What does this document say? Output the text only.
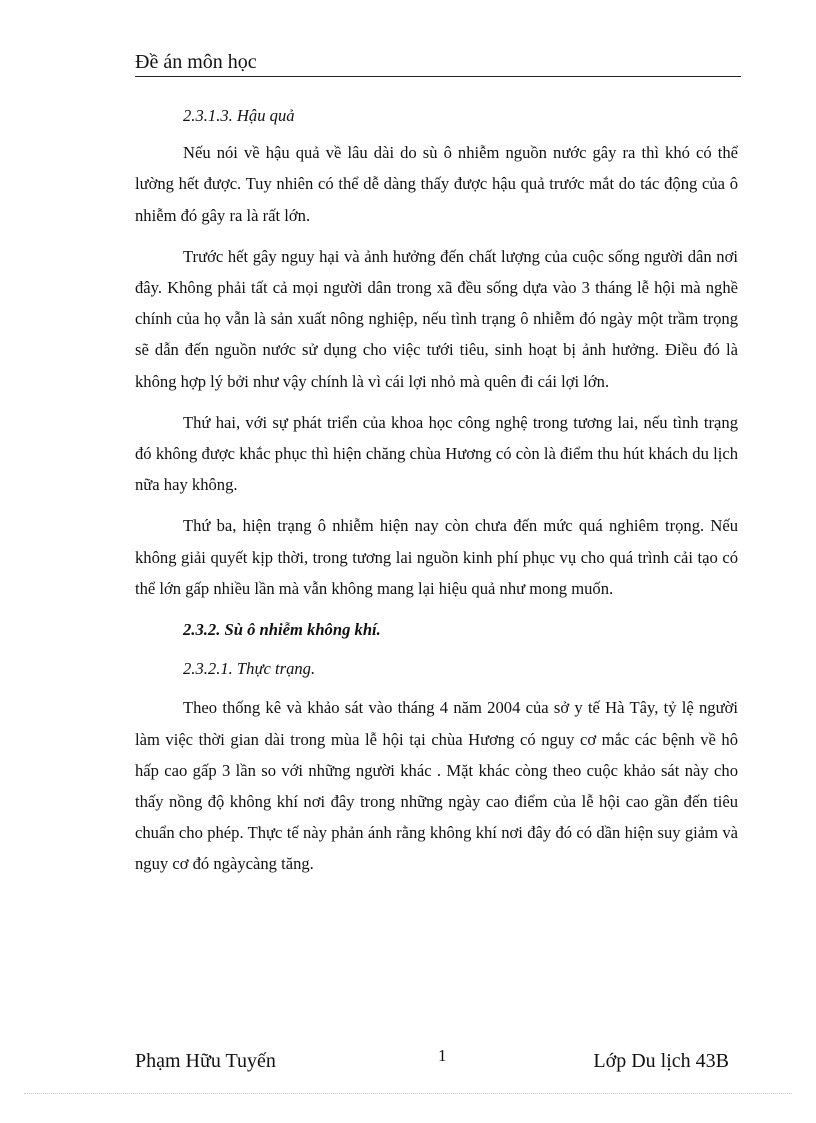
Đề án môn học

2.3.1.3. Hậu quả

Nếu nói về hậu quả về lâu dài do sù ô nhiễm nguồn nước gây ra thì khó có thể lường hết được. Tuy nhiên có thể dễ dàng thấy được hậu quả trước mắt do tác động của ô nhiễm đó gây ra là rất lớn.

Trước hết gây nguy hại và ảnh hưởng đến chất lượng của cuộc sống người dân nơi đây. Không phải tất cả mọi người dân trong xã đều sống dựa vào 3 tháng lễ hội mà nghề chính của họ vẫn là sản xuất nông nghiệp, nếu tình trạng ô nhiễm đó ngày một trầm trọng sẽ dẫn đến nguồn nước sử dụng cho việc tưới tiêu, sinh hoạt bị ảnh hưởng. Điều đó là không hợp lý bởi như vậy chính là vì cái lợi nhỏ mà quên đi cái lợi lớn.

Thứ hai, với sự phát triển của khoa học công nghệ trong tương lai, nếu tình trạng đó không được khắc phục thì hiện chăng chùa Hương có còn là điểm thu hút khách du lịch nữa hay không.

Thứ ba, hiện trạng ô nhiễm hiện nay còn chưa đến mức quá nghiêm trọng. Nếu không giải quyết kịp thời, trong tương lai nguồn kinh phí phục vụ cho quá trình cải tạo có thể lớn gấp nhiều lần mà vẫn không mang lại hiệu quả như mong muốn.

2.3.2. Sù ô nhiễm không khí.

2.3.2.1. Thực trạng.

Theo thống kê và khảo sát vào tháng 4 năm 2004 của sở y tế Hà Tây, tỷ lệ người làm việc thời gian dài trong mùa lễ hội tại chùa Hương có nguy cơ mắc các bệnh về hô hấp cao gấp 3 lần so với những người khác . Mặt khác còng theo cuộc khảo sát này cho thấy nồng độ không khí nơi đây trong những ngày cao điểm của lễ hội cao gần đến tiêu chuẩn cho phép. Thực tế này phản ánh rằng không khí nơi đây đó có dần hiện suy giảm và nguy cơ đó ngàycàng tăng.

Phạm Hữu Tuyến	1	Lớp Du lịch 43B
